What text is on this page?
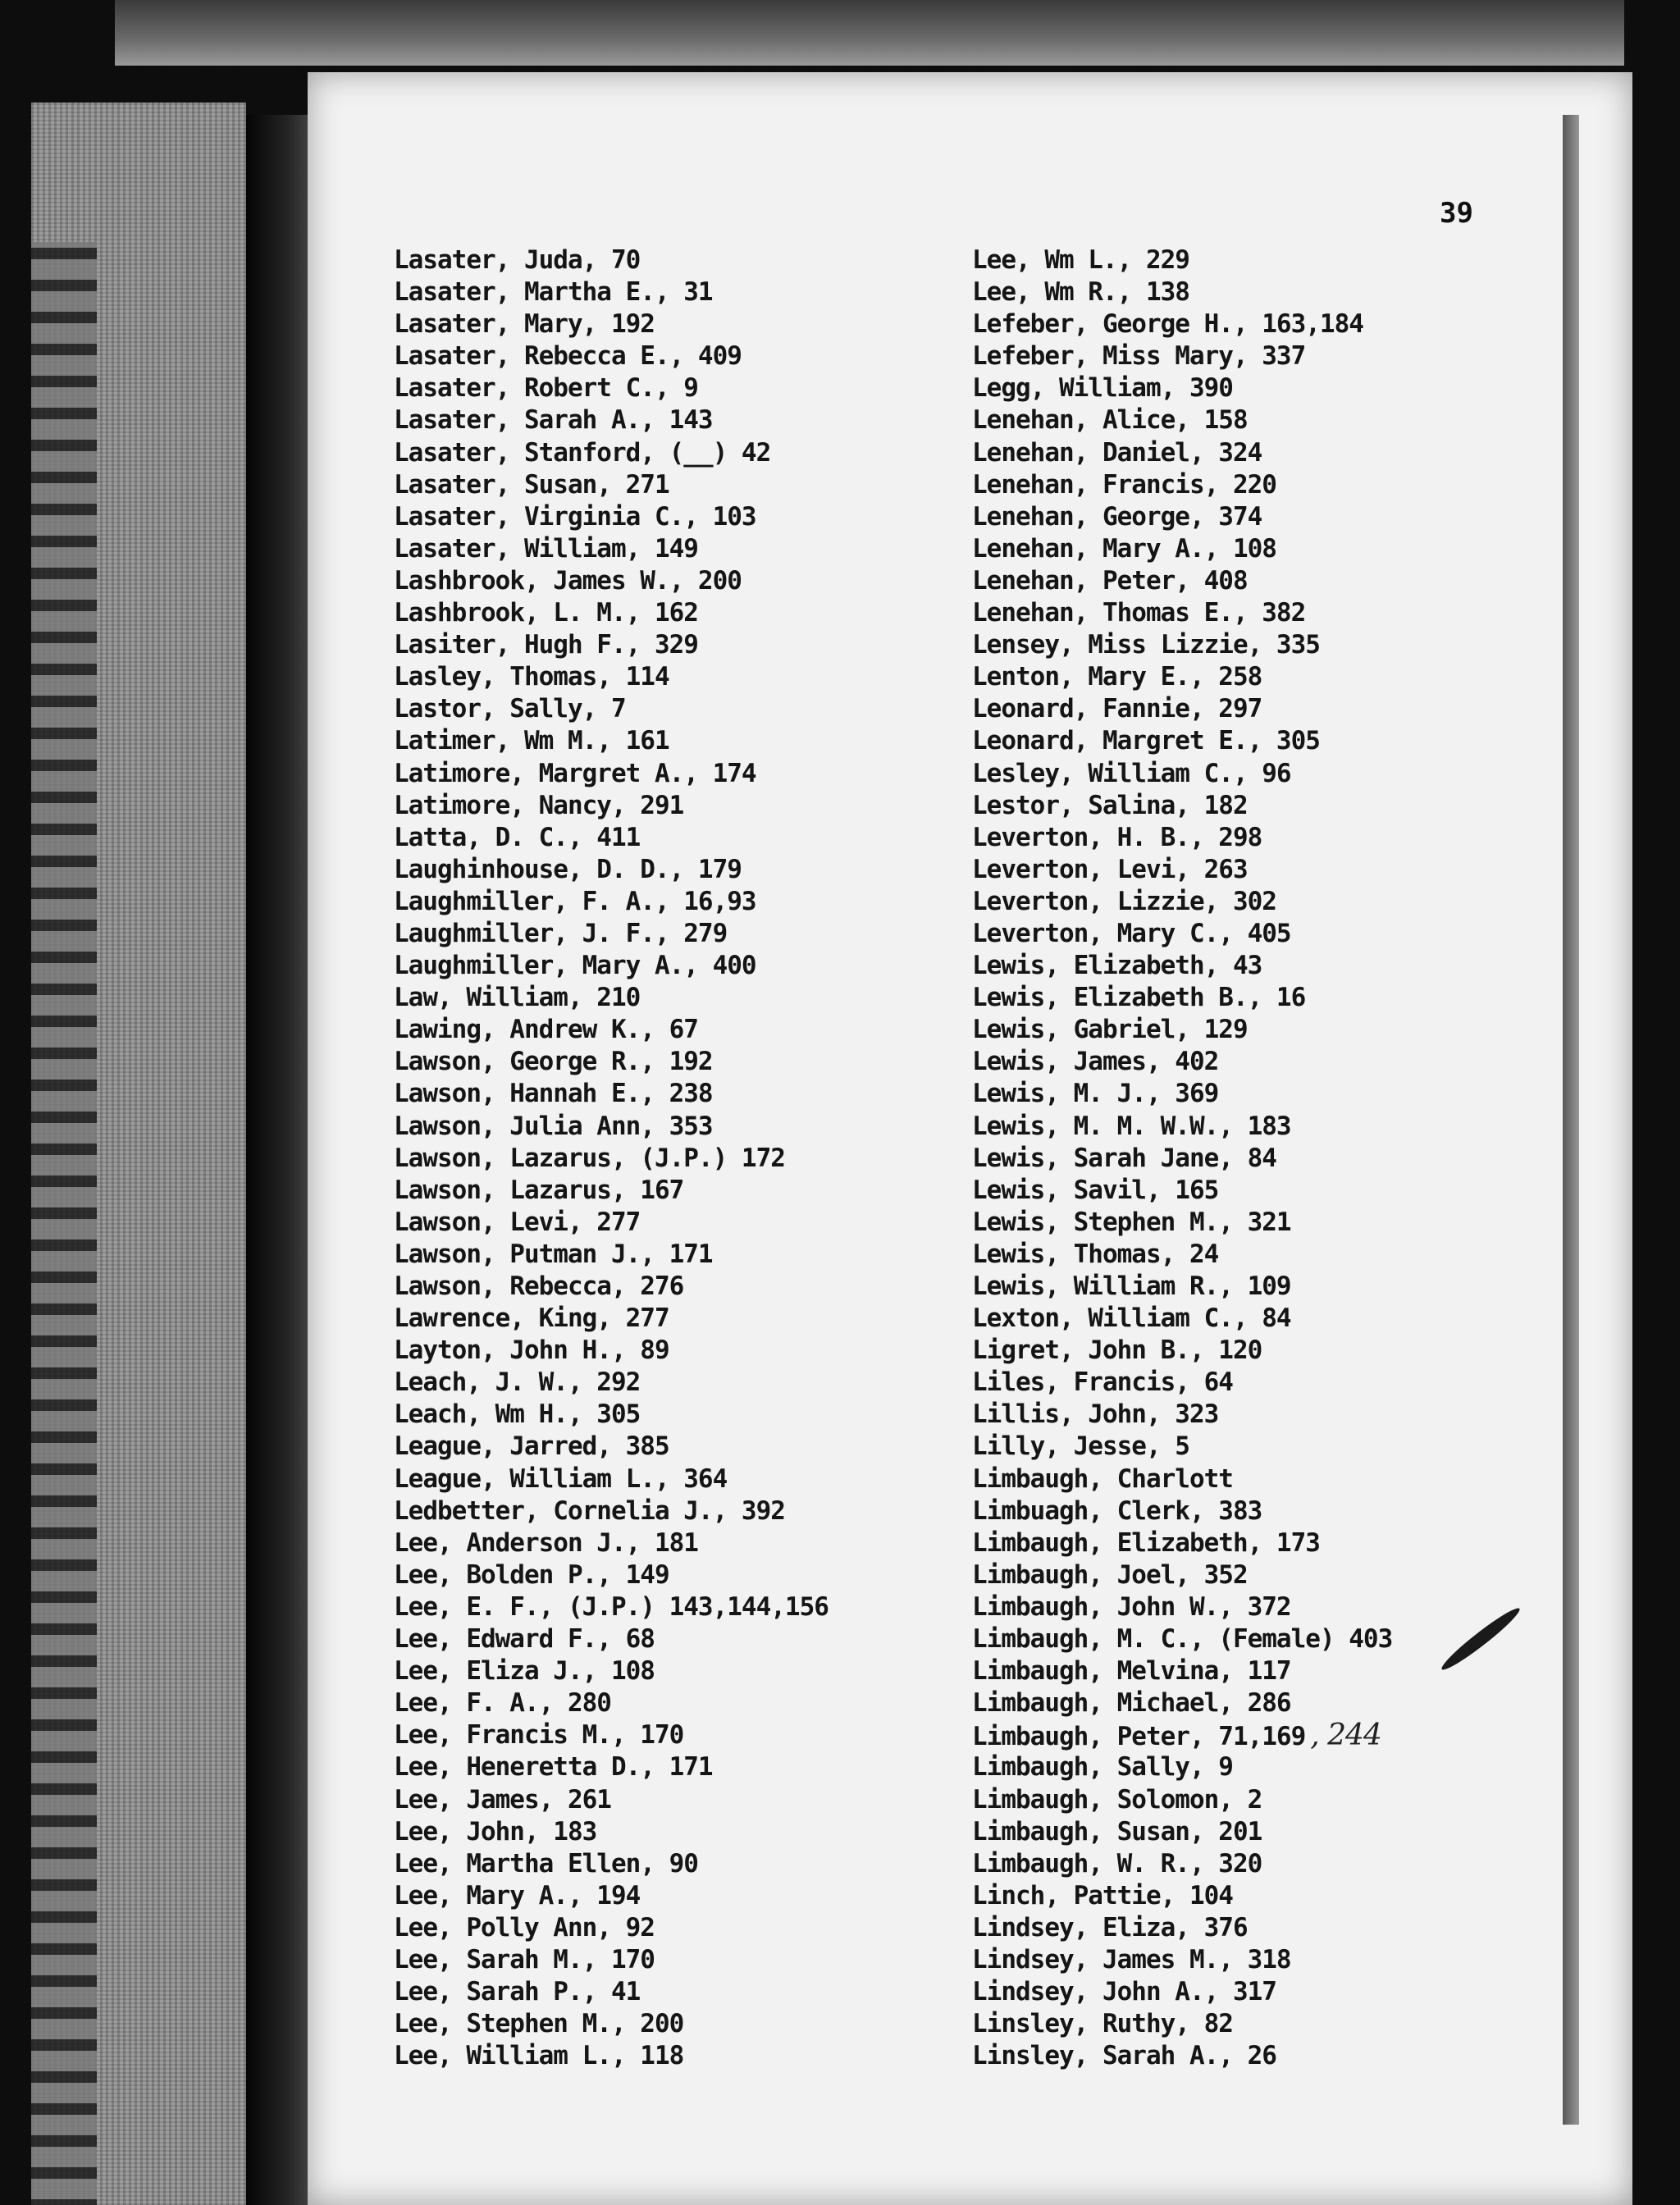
39
Lasater, Juda, 70
Lasater, Martha E., 31
Lasater, Mary, 192
Lasater, Rebecca E., 409
Lasater, Robert C., 9
Lasater, Sarah A., 143
Lasater, Stanford, (__) 42
Lasater, Susan, 271
Lasater, Virginia C., 103
Lasater, William, 149
Lashbrook, James W., 200
Lashbrook, L. M., 162
Lasiter, Hugh F., 329
Lasley, Thomas, 114
Lastor, Sally, 7
Latimer, Wm M., 161
Latimore, Margret A., 174
Latimore, Nancy, 291
Latta, D. C., 411
Laughinhouse, D. D., 179
Laughmiller, F. A., 16,93
Laughmiller, J. F., 279
Laughmiller, Mary A., 400
Law, William, 210
Lawing, Andrew K., 67
Lawson, George R., 192
Lawson, Hannah E., 238
Lawson, Julia Ann, 353
Lawson, Lazarus, (J.P.) 172
Lawson, Lazarus, 167
Lawson, Levi, 277
Lawson, Putman J., 171
Lawson, Rebecca, 276
Lawrence, King, 277
Layton, John H., 89
Leach, J. W., 292
Leach, Wm H., 305
League, Jarred, 385
League, William L., 364
Ledbetter, Cornelia J., 392
Lee, Anderson J., 181
Lee, Bolden P., 149
Lee, E. F., (J.P.) 143,144,156
Lee, Edward F., 68
Lee, Eliza J., 108
Lee, F. A., 280
Lee, Francis M., 170
Lee, Heneretta D., 171
Lee, James, 261
Lee, John, 183
Lee, Martha Ellen, 90
Lee, Mary A., 194
Lee, Polly Ann, 92
Lee, Sarah M., 170
Lee, Sarah P., 41
Lee, Stephen M., 200
Lee, William L., 118
Lee, Wm L., 229
Lee, Wm R., 138
Lefeber, George H., 163,184
Lefeber, Miss Mary, 337
Legg, William, 390
Lenehan, Alice, 158
Lenehan, Daniel, 324
Lenehan, Francis, 220
Lenehan, George, 374
Lenehan, Mary A., 108
Lenehan, Peter, 408
Lenehan, Thomas E., 382
Lensey, Miss Lizzie, 335
Lenton, Mary E., 258
Leonard, Fannie, 297
Leonard, Margret E., 305
Lesley, William C., 96
Lestor, Salina, 182
Leverton, H. B., 298
Leverton, Levi, 263
Leverton, Lizzie, 302
Leverton, Mary C., 405
Lewis, Elizabeth, 43
Lewis, Elizabeth B., 16
Lewis, Gabriel, 129
Lewis, James, 402
Lewis, M. J., 369
Lewis, M. M. W.W., 183
Lewis, Sarah Jane, 84
Lewis, Savil, 165
Lewis, Stephen M., 321
Lewis, Thomas, 24
Lewis, William R., 109
Lexton, William C., 84
Ligret, John B., 120
Liles, Francis, 64
Lillis, John, 323
Lilly, Jesse, 5
Limbaugh, Charlott
Limbuagh, Clerk, 383
Limbaugh, Elizabeth, 173
Limbaugh, Joel, 352
Limbaugh, John W., 372
Limbaugh, M. C., (Female) 403
Limbaugh, Melvina, 117
Limbaugh, Michael, 286
Limbaugh, Peter, 71,169 , 244
Limbaugh, Sally, 9
Limbaugh, Solomon, 2
Limbaugh, Susan, 201
Limbaugh, W. R., 320
Linch, Pattie, 104
Lindsey, Eliza, 376
Lindsey, James M., 318
Lindsey, John A., 317
Linsley, Ruthy, 82
Linsley, Sarah A., 26
